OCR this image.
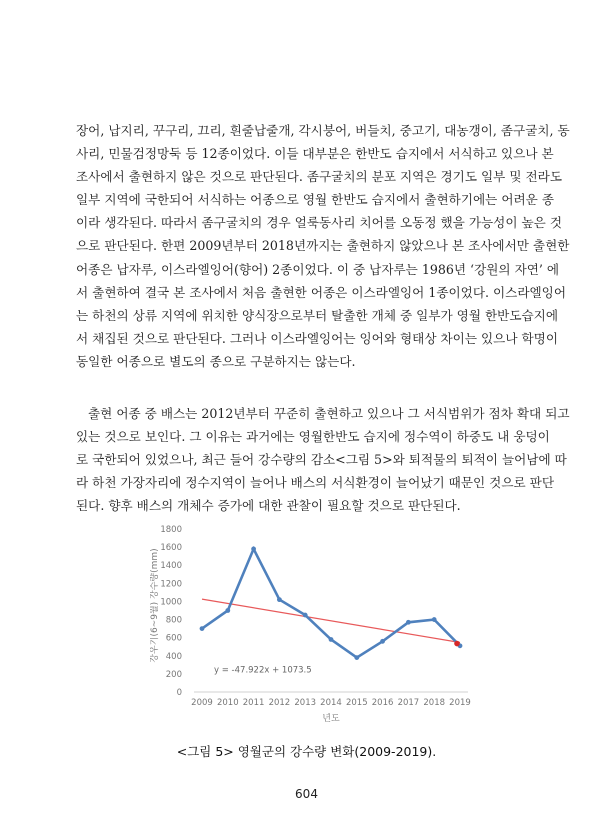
장어, 납지리, 꾸구리, 끄리, 흰줄납줄개, 각시붕어, 버들치, 중고기, 대농갱이, 좀구굴치, 동
사리, 민물검정망둑 등 12종이었다. 이들 대부분은 한반도 습지에서 서식하고 있으나 본
조사에서 출현하지 않은 것으로 판단된다. 좀구굴치의 분포 지역은 경기도 일부 및 전라도
일부 지역에 국한되어 서식하는 어종으로 영월 한반도 습지에서 출현하기에는 어려운 종
이라 생각된다. 따라서 좀구굴치의 경우 얼룩동사리 치어를 오동정 했을 가능성이 높은 것
으로 판단된다. 한편 2009년부터 2018년까지는 출현하지 않았으나 본 조사에서만 출현한
어종은 납자루, 이스라엘잉어(향어) 2종이었다. 이 중 납자루는 1986년 ‘강원의 자연’ 에
서 출현하여 결국 본 조사에서 처음 출현한 어종은 이스라엘잉어 1종이었다. 이스라엘잉어
는 하천의 상류 지역에 위치한 양식장으로부터 탈출한 개체 중 일부가 영월 한반도습지에
서 채집된 것으로 판단된다. 그러나 이스라엘잉어는 잉어와 형태상 차이는 있으나 학명이
동일한 어종으로 별도의 종으로 구분하지는 않는다.
출현 어종 중 배스는 2012년부터 꾸준히 출현하고 있으나 그 서식범위가 점차 확대 되고
있는 것으로 보인다. 그 이유는 과거에는 영월한반도 습지에 정수역이 하중도 내 웅덩이
로 국한되어 있었으나, 최근 들어 강수량의 감소<그림 5>와 퇴적물의 퇴적이 늘어남에 따
라 하천 가장자리에 정수지역이 늘어나 배스의 서식환경이 늘어났기 때문인 것으로 판단
된다. 향후 배스의 개체수 증가에 대한 관찰이 필요할 것으로 판단된다.
0
200
400
600
800
1000
1200
1400
1600
1800
2009 2010 2011 2012 2013 2014 2015 2016 2017 2018 2019
y = -47.922x + 1073.5
년도
강우기(6~9월) 강수량(mm)
<그림 5> 영월군의 강수량 변화(2009-2019).
604
